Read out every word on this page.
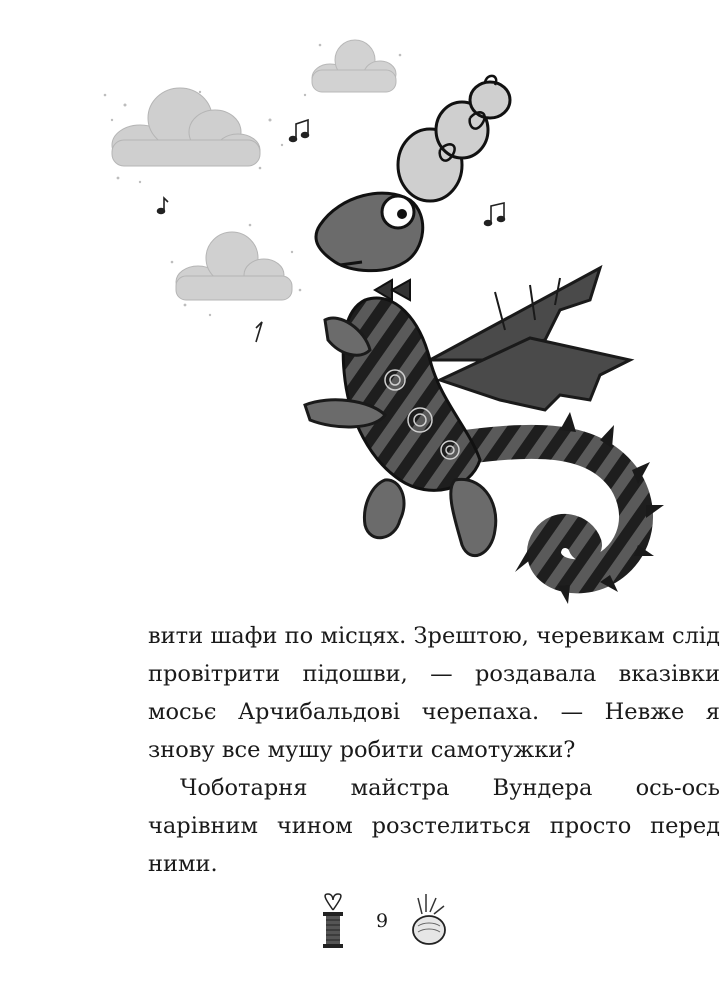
вити шафи по місцях. Зрештою, черевикам слід провітрити підошви, — роздавала вказівки мосьє Арчибальдові черепаха. — Невже я знову все мушу робити самотужки?

Чоботарня майстра Вундера ось-ось чарівним чином розстелиться просто перед ними.

9
